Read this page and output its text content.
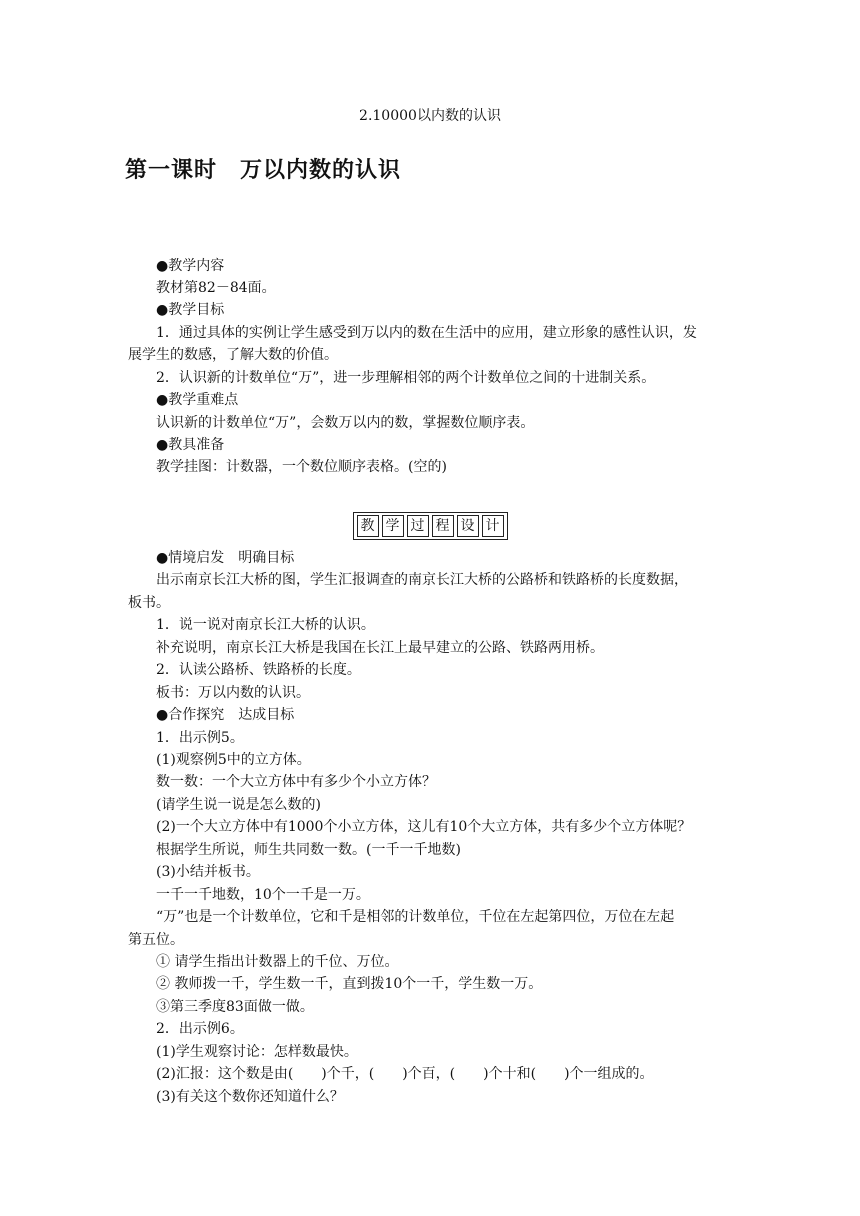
2.10000以内数的认识
第一课时　万以内数的认识
●教学内容
教材第82－84面。
●教学目标
1．通过具体的实例让学生感受到万以内的数在生活中的应用，建立形象的感性认识，发
展学生的数感，了解大数的价值。
2．认识新的计数单位“万”，进一步理解相邻的两个计数单位之间的十进制关系。
●教学重难点
认识新的计数单位“万”，会数万以内的数，掌握数位顺序表。
●教具准备
教学挂图：计数器，一个数位顺序表格。(空的)
教 学 过 程 设 计
●情境启发　明确目标
出示南京长江大桥的图，学生汇报调查的南京长江大桥的公路桥和铁路桥的长度数据，
板书。
1．说一说对南京长江大桥的认识。
补充说明，南京长江大桥是我国在长江上最早建立的公路、铁路两用桥。
2．认读公路桥、铁路桥的长度。
板书：万以内数的认识。
●合作探究　达成目标
1．出示例5。
(1)观察例5中的立方体。
数一数：一个大立方体中有多少个小立方体？
(请学生说一说是怎么数的)
(2)一个大立方体中有1000个小立方体，这儿有10个大立方体，共有多少个立方体呢？
根据学生所说，师生共同数一数。(一千一千地数)
(3)小结并板书。
一千一千地数，10个一千是一万。
“万”也是一个计数单位，它和千是相邻的计数单位，千位在左起第四位，万位在左起
第五位。
① 请学生指出计数器上的千位、万位。
② 教师拨一千，学生数一千，直到拨10个一千，学生数一万。
③第三季度83面做一做。
2．出示例6。
(1)学生观察讨论：怎样数最快。
(2)汇报：这个数是由(　　)个千，(　　)个百，(　　)个十和(　　)个一组成的。
(3)有关这个数你还知道什么？
